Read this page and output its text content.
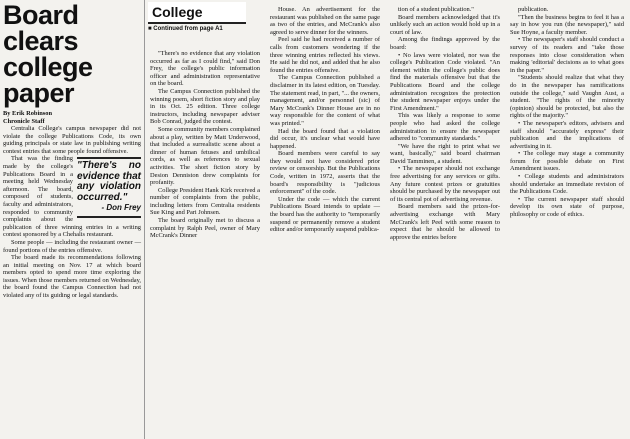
Board clears college paper
By Erik Robinson
Chronicle Staff

Centralia College's campus newspaper did not violate the college Publications Code, its own guiding principals or state law in publishing writing contest entries that some people found offensive.

"There's no evidence that any violation occurred."
- Don Frey

That was the finding made by the college's Publications Board in a meeting held Wednesday afternoon. The board, composed of students, faculty and administrators, responded to community complaints about the publication of three winning entries in a writing contest sponsored by a Chehalis restaurant.

Some people — including the restaurant owner — found portions of the entries offensive.

The board made its recommendations following an initial meeting on Nov. 17 at which board members opted to spend more time exploring the issues. When those members returned on Wednesday, the board found the Campus Connection had not violated any of its guiding or legal standards.

College
■ Continued from page A1

"There's no evidence that any violation occurred as far as I could find," said Don Frey, the college's public information officer and administration representative on the board.

The Campus Connection published the winning poem, short fiction story and play in its Oct. 25 edition. Three college instructors, including newspaper adviser Bob Conrad, judged the contest.

Some community members complained about a play, written by Matt Underwood, that included a surrealistic scene about a dinner of human fetuses and umbilical cords, as well as references to sexual activities. The short fiction story by Desion Denniston drew complaints for profanity.

College President Hank Kirk received a number of complaints from the public, including letters from Centralia residents Sue King and Pari Johnsen.

The board originally met to discuss a complaint by Ralph Peel, owner of Mary McCrank's Dinner

House. An advertisement for the restaurant was published on the same page as two of the entries, and McCrank's also agreed to serve dinner for the winners.

Peel said he had received a number of calls from customers wondering if the three winning entries reflected his views. He said he did not, and added that he also found the entries offensive.

The Campus Connection published a disclaimer in its latest edition, on Tuesday. The statement read, in part, "... the owners, management, and/or personnel (sic) of Mary McCrank's Dinner House are in no way responsible for the content of what was printed."

Had the board found that a violation did occur, it's unclear what would have happened.

Board members were careful to say they would not have considered prior review or censorship. But the Publications Code, written in 1972, asserts that the board's responsibility is "judicious enforcement" of the code.

Under the code — which the current Publications Board intends to update — the board has the authority to "temporarily suspend or permanently remove a student editor and/or temporarily suspend publica-

tion of a student publication."

Board members acknowledged that it's unlikely such an action would hold up in a court of law.

Among the findings approved by the board:

• No laws were violated, nor was the college's Publication Code violated. "An element within the college's public does find the materials offensive but that the Publications Board and the college administration recognizes the protection the student newspaper enjoys under the First Amendment."

This was likely a response to some people who had asked the college administration to ensure the newspaper adhered to "community standards."

"We have the right to print what we want, basically," said board chairman David Tamminen, a student.

• The newspaper should not exchange free advertising for any services or gifts. Any future contest prizes or gratuities should be purchased by the newspaper out of its central pot of advertising revenue.

Board members said the prizes-for-advertising exchange with Mary McCrank's left Peel with some reason to expect that he should be allowed to approve the entries before

publication.

"Then the business begins to feel it has a say in how you run (the newspaper)," said Sue Hoyne, a faculty member.

• The newspaper's staff should conduct a survey of its readers and "take those responses into close consideration when making 'editorial' decisions as to what goes in the paper."

"Students should realize that what they do in the newspaper has ramifications outside the college," said Vaughn Aust, a student. "The rights of the minority (opinion) should be protected, but also the rights of the majority."

• The newspaper's editors, advisers and staff should "accurately express" their publication and the implications of advertising in it.

• The college may stage a community forum for possible debate on First Amendment issues.

• College students and administrators should undertake an immediate revision of the Publications Code.

• The current newspaper staff should develop its own state of purpose, philosophy or code of ethics.
